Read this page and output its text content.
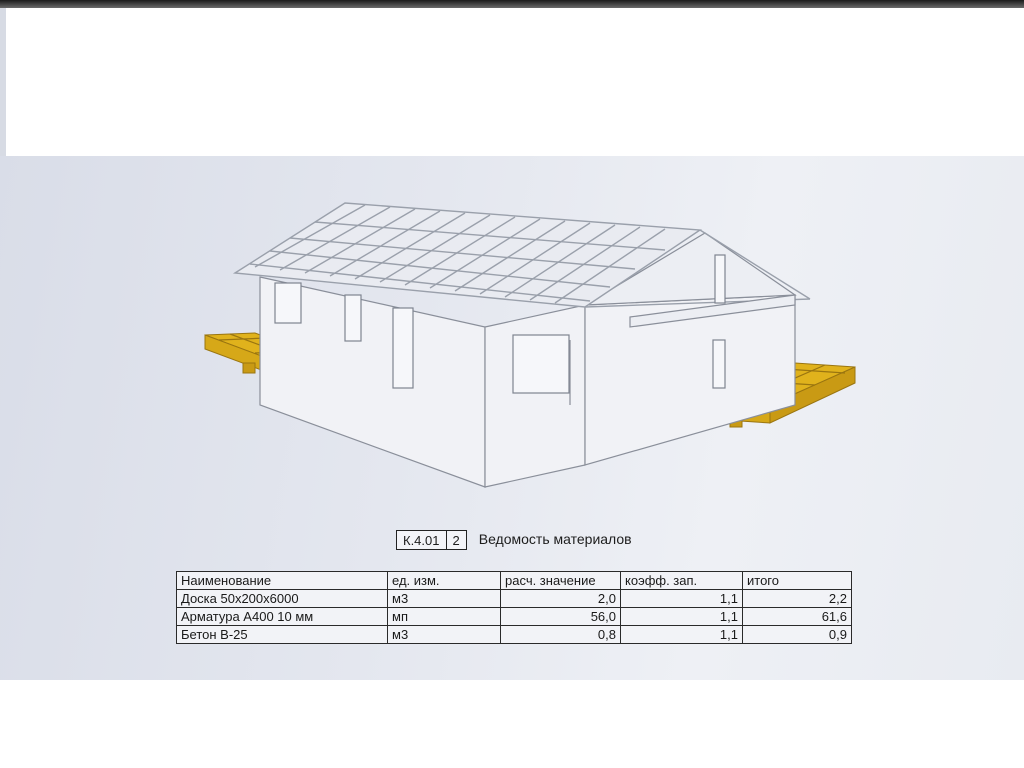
К.4.01	2	Ведомость материалов
Наименование	ед. изм.	расч. значение	коэфф. зап.	итого
Доска 50х200х6000	м3	2,0	1,1	2,2
Арматура А400 10 мм	мп	56,0	1,1	61,6
Бетон В-25	м3	0,8	1,1	0,9
